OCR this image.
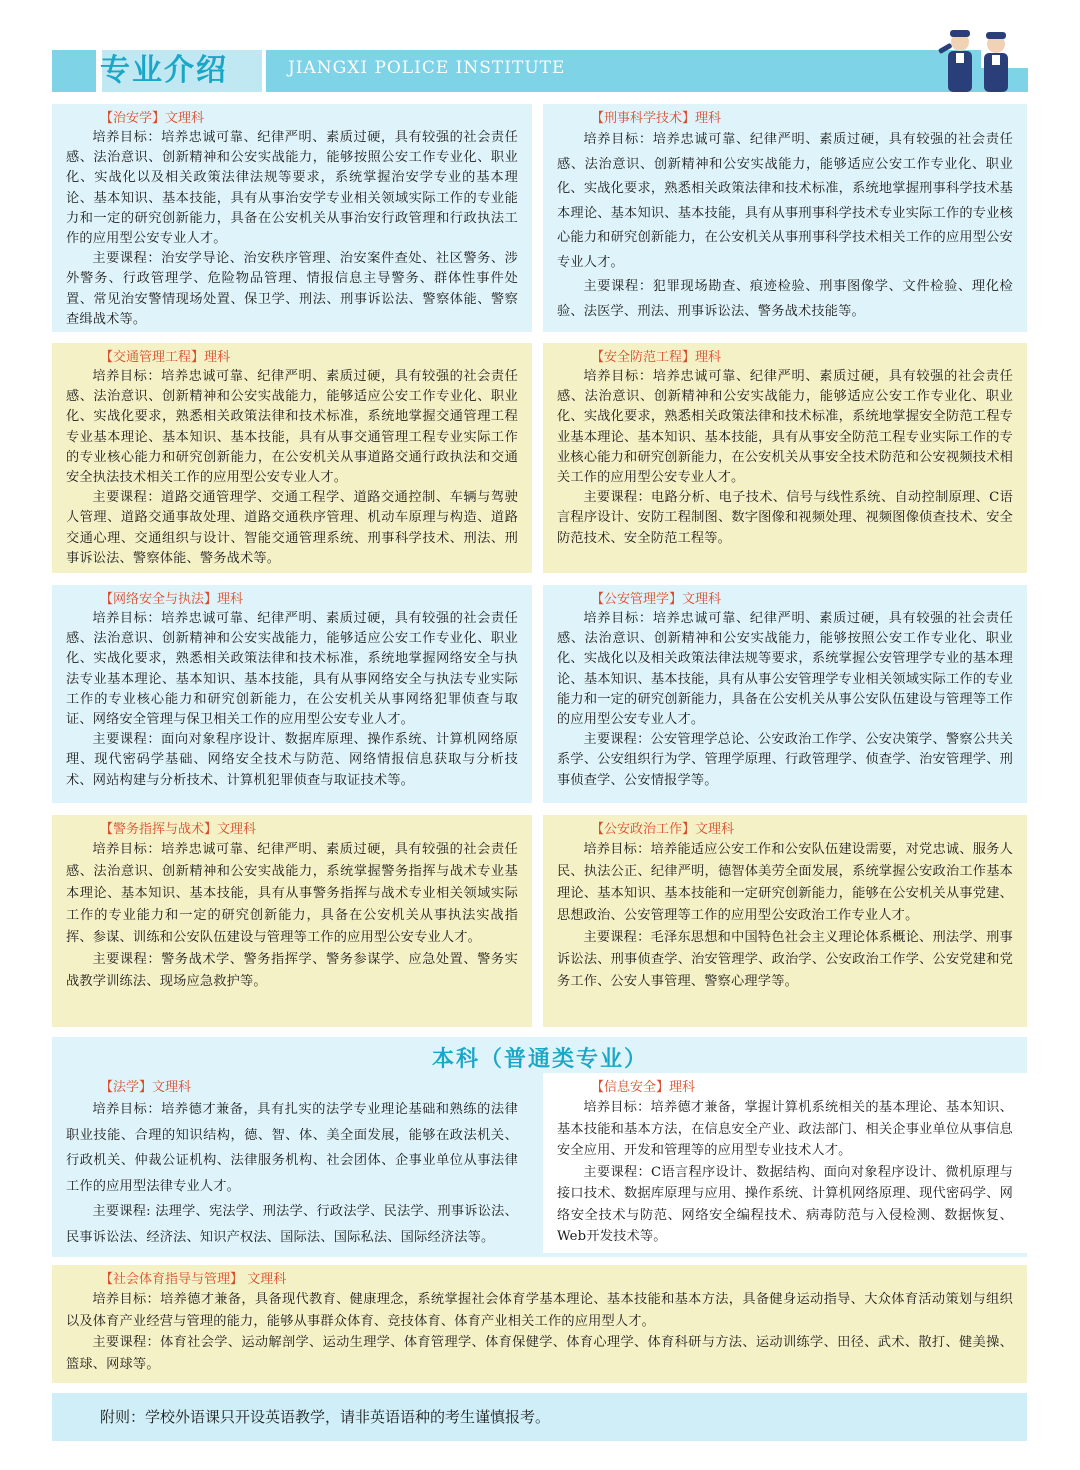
专业介绍	JIANGXI POLICE INSTITUTE
【治安学】文理科

培养目标：培养忠诚可靠、纪律严明、素质过硬，具有较强的社会责任感、法治意识、创新精神和公安实战能力，能够按照公安工作专业化、职业化、实战化以及相关政策法律法规等要求，系统掌握治安学专业的基本理论、基本知识、基本技能，具有从事治安学专业相关领域实际工作的专业能力和一定的研究创新能力，具备在公安机关从事治安行政管理和行政执法工作的应用型公安专业人才。

主要课程：治安学导论、治安秩序管理、治安案件查处、社区警务、涉外警务、行政管理学、危险物品管理、情报信息主导警务、群体性事件处置、常见治安警情现场处置、保卫学、刑法、刑事诉讼法、警察体能、警察查缉战术等。

【刑事科学技术】理科

培养目标：培养忠诚可靠、纪律严明、素质过硬，具有较强的社会责任感、法治意识、创新精神和公安实战能力，能够适应公安工作专业化、职业化、实战化要求，熟悉相关政策法律和技术标准，系统地掌握刑事科学技术基本理论、基本知识、基本技能，具有从事刑事科学技术专业实际工作的专业核心能力和研究创新能力，在公安机关从事刑事科学技术相关工作的应用型公安专业人才。

主要课程：犯罪现场勘查、痕迹检验、刑事图像学、文件检验、理化检验、法医学、刑法、刑事诉讼法、警务战术技能等。

【交通管理工程】理科

培养目标：培养忠诚可靠、纪律严明、素质过硬，具有较强的社会责任感、法治意识、创新精神和公安实战能力，能够适应公安工作专业化、职业化、实战化要求，熟悉相关政策法律和技术标准，系统地掌握交通管理工程专业基本理论、基本知识、基本技能，具有从事交通管理工程专业实际工作的专业核心能力和研究创新能力，在公安机关从事道路交通行政执法和交通安全执法技术相关工作的应用型公安专业人才。

主要课程：道路交通管理学、交通工程学、道路交通控制、车辆与驾驶人管理、道路交通事故处理、道路交通秩序管理、机动车原理与构造、道路交通心理、交通组织与设计、智能交通管理系统、刑事科学技术、刑法、刑事诉讼法、警察体能、警务战术等。

【安全防范工程】理科

培养目标：培养忠诚可靠、纪律严明、素质过硬，具有较强的社会责任感、法治意识、创新精神和公安实战能力，能够适应公安工作专业化、职业化、实战化要求，熟悉相关政策法律和技术标准，系统地掌握安全防范工程专业基本理论、基本知识、基本技能，具有从事安全防范工程专业实际工作的专业核心能力和研究创新能力，在公安机关从事安全技术防范和公安视频技术相关工作的应用型公安专业人才。

主要课程：电路分析、电子技术、信号与线性系统、自动控制原理、C语言程序设计、安防工程制图、数字图像和视频处理、视频图像侦查技术、安全防范技术、安全防范工程等。

【网络安全与执法】理科

培养目标：培养忠诚可靠、纪律严明、素质过硬，具有较强的社会责任感、法治意识、创新精神和公安实战能力，能够适应公安工作专业化、职业化、实战化要求，熟悉相关政策法律和技术标准，系统地掌握网络安全与执法专业基本理论、基本知识、基本技能，具有从事网络安全与执法专业实际工作的专业核心能力和研究创新能力，在公安机关从事网络犯罪侦查与取证、网络安全管理与保卫相关工作的应用型公安专业人才。

主要课程：面向对象程序设计、数据库原理、操作系统、计算机网络原理、现代密码学基础、网络安全技术与防范、网络情报信息获取与分析技术、网站构建与分析技术、计算机犯罪侦查与取证技术等。

【公安管理学】文理科

培养目标：培养忠诚可靠、纪律严明、素质过硬，具有较强的社会责任感、法治意识、创新精神和公安实战能力，能够按照公安工作专业化、职业化、实战化以及相关政策法律法规等要求，系统掌握公安管理学专业的基本理论、基本知识、基本技能，具有从事公安管理学专业相关领域实际工作的专业能力和一定的研究创新能力，具备在公安机关从事公安队伍建设与管理等工作的应用型公安专业人才。

主要课程：公安管理学总论、公安政治工作学、公安决策学、警察公共关系学、公安组织行为学、管理学原理、行政管理学、侦查学、治安管理学、刑事侦查学、公安情报学等。

【警务指挥与战术】文理科

培养目标：培养忠诚可靠、纪律严明、素质过硬，具有较强的社会责任感、法治意识、创新精神和公安实战能力，系统掌握警务指挥与战术专业基本理论、基本知识、基本技能，具有从事警务指挥与战术专业相关领域实际工作的专业能力和一定的研究创新能力，具备在公安机关从事执法实战指挥、参谋、训练和公安队伍建设与管理等工作的应用型公安专业人才。

主要课程：警务战术学、警务指挥学、警务参谋学、应急处置、警务实战教学训练法、现场应急救护等。

【公安政治工作】文理科

培养目标：培养能适应公安工作和公安队伍建设需要，对党忠诚、服务人民、执法公正、纪律严明，德智体美劳全面发展，系统掌握公安政治工作基本理论、基本知识、基本技能和一定研究创新能力，能够在公安机关从事党建、思想政治、公安管理等工作的应用型公安政治工作专业人才。

主要课程：毛泽东思想和中国特色社会主义理论体系概论、刑法学、刑事诉讼法、刑事侦查学、治安管理学、政治学、公安政治工作学、公安党建和党务工作、公安人事管理、警察心理学等。

本科（普通类专业）
【法学】文理科

培养目标：培养德才兼备，具有扎实的法学专业理论基础和熟练的法律职业技能、合理的知识结构，德、智、体、美全面发展，能够在政法机关、行政机关、仲裁公证机构、法律服务机构、社会团体、企事业单位从事法律工作的应用型法律专业人才。

主要课程: 法理学、宪法学、刑法学、行政法学、民法学、刑事诉讼法、民事诉讼法、经济法、知识产权法、国际法、国际私法、国际经济法等。

【信息安全】理科

培养目标：培养德才兼备，掌握计算机系统相关的基本理论、基本知识、基本技能和基本方法，在信息安全产业、政法部门、相关企事业单位从事信息安全应用、开发和管理等的应用型专业技术人才。

主要课程：C语言程序设计、数据结构、面向对象程序设计、微机原理与接口技术、数据库原理与应用、操作系统、计算机网络原理、现代密码学、网络安全技术与防范、网络安全编程技术、病毒防范与入侵检测、数据恢复、Web开发技术等。

【社会体育指导与管理】 文理科

培养目标：培养德才兼备，具备现代教育、健康理念，系统掌握社会体育学基本理论、基本技能和基本方法，具备健身运动指导、大众体育活动策划与组织以及体育产业经营与管理的能力，能够从事群众体育、竞技体育、体育产业相关工作的应用型人才。

主要课程：体育社会学、运动解剖学、运动生理学、体育管理学、体育保健学、体育心理学、体育科研与方法、运动训练学、田径、武术、散打、健美操、篮球、网球等。

附则：学校外语课只开设英语教学，请非英语语种的考生谨慎报考。
